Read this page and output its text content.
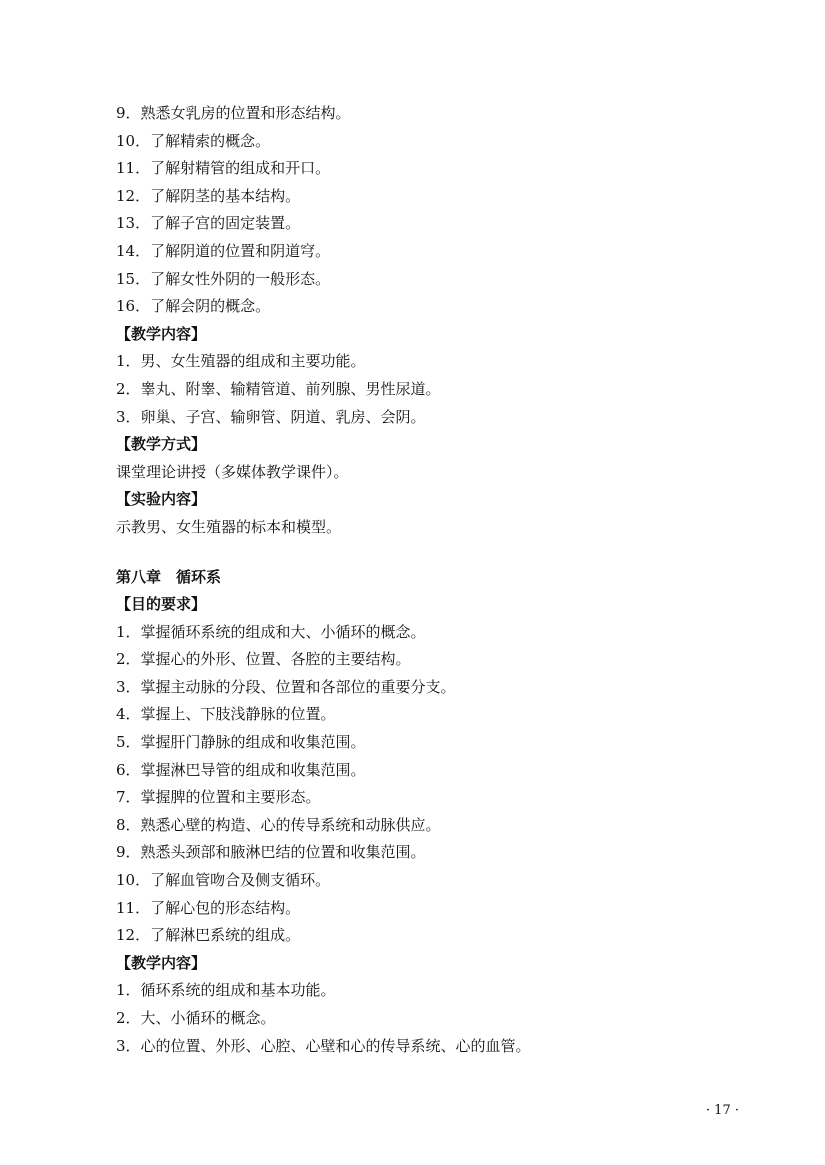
9．熟悉女乳房的位置和形态结构。
10．了解精索的概念。
11．了解射精管的组成和开口。
12．了解阴茎的基本结构。
13．了解子宫的固定装置。
14．了解阴道的位置和阴道穹。
15．了解女性外阴的一般形态。
16．了解会阴的概念。
【教学内容】
1．男、女生殖器的组成和主要功能。
2．睾丸、附睾、输精管道、前列腺、男性尿道。
3．卵巢、子宫、输卵管、阴道、乳房、会阴。
【教学方式】
课堂理论讲授（多媒体教学课件）。
【实验内容】
示教男、女生殖器的标本和模型。
第八章　循环系
【目的要求】
1．掌握循环系统的组成和大、小循环的概念。
2．掌握心的外形、位置、各腔的主要结构。
3．掌握主动脉的分段、位置和各部位的重要分支。
4．掌握上、下肢浅静脉的位置。
5．掌握肝门静脉的组成和收集范围。
6．掌握淋巴导管的组成和收集范围。
7．掌握脾的位置和主要形态。
8．熟悉心壁的构造、心的传导系统和动脉供应。
9．熟悉头颈部和腋淋巴结的位置和收集范围。
10．了解血管吻合及侧支循环。
11．了解心包的形态结构。
12．了解淋巴系统的组成。
【教学内容】
1．循环系统的组成和基本功能。
2．大、小循环的概念。
3．心的位置、外形、心腔、心壁和心的传导系统、心的血管。
· 17 ·
